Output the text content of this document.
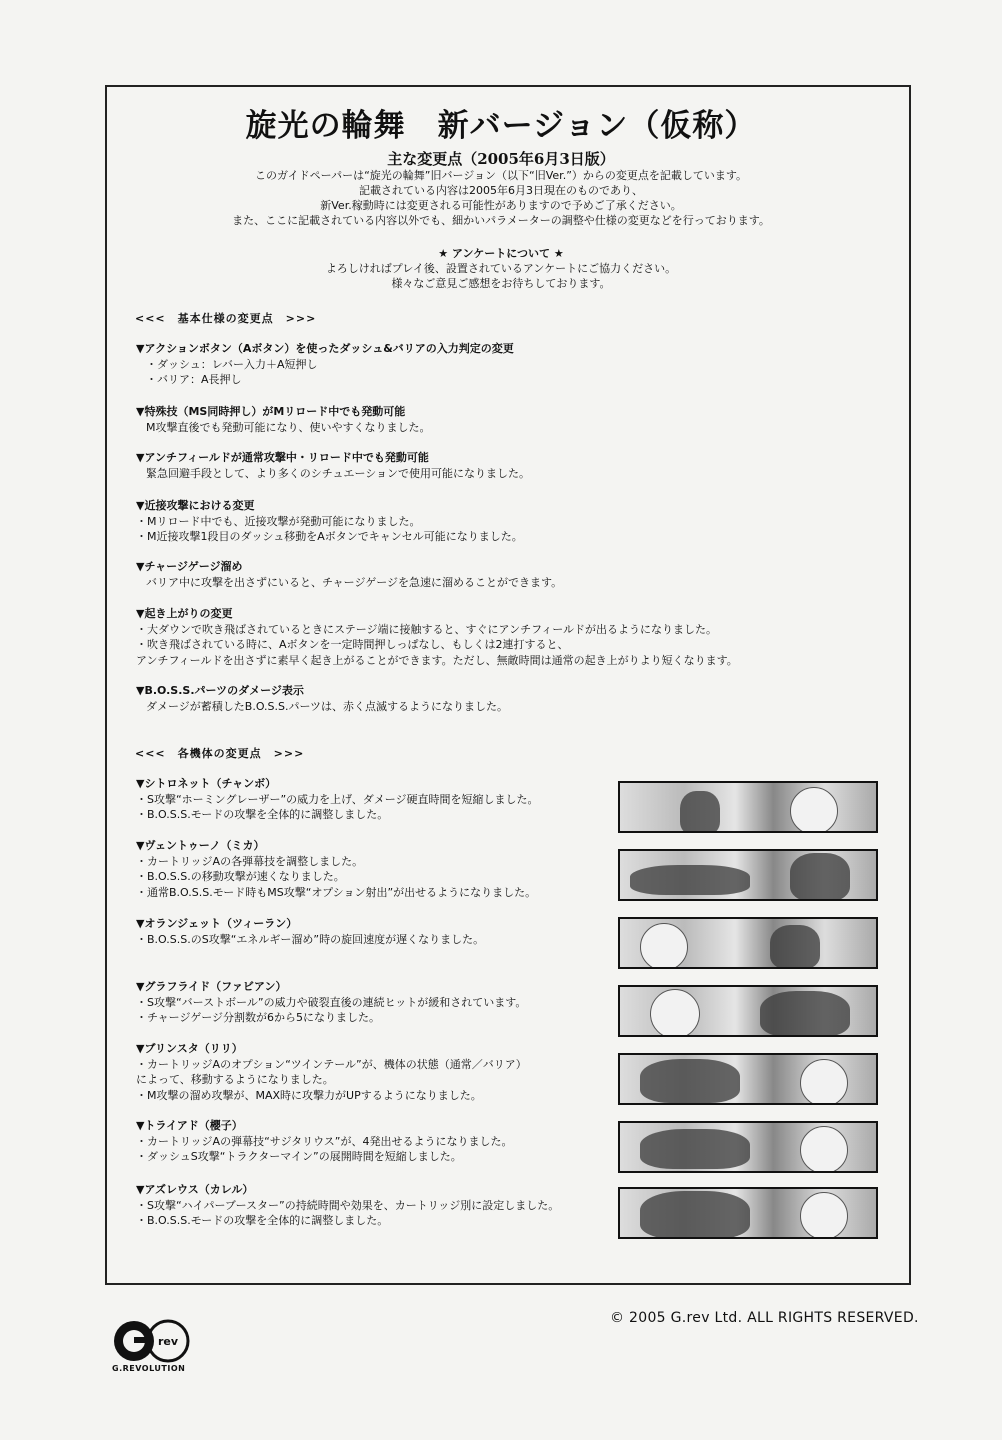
旋光の輪舞　新バージョン（仮称）
主な変更点（2005年6月3日版）
このガイドペーパーは“旋光の輪舞”旧バージョン（以下“旧Ver.”）からの変更点を記載しています。
記載されている内容は2005年6月3日現在のものであり、
新Ver.稼動時には変更される可能性がありますので予めご了承ください。
また、ここに記載されている内容以外でも、細かいパラメーターの調整や仕様の変更などを行っております。
★ アンケートについて ★
よろしければプレイ後、設置されているアンケートにご協力ください。
様々なご意見ご感想をお待ちしております。
<<<　基本仕様の変更点　>>>
▼アクションボタン（Aボタン）を使ったダッシュ&バリアの入力判定の変更
・ダッシュ：レバー入力＋A短押し
・バリア：A長押し
▼特殊技（MS同時押し）がMリロード中でも発動可能
M攻撃直後でも発動可能になり、使いやすくなりました。
▼アンチフィールドが通常攻撃中・リロード中でも発動可能
緊急回避手段として、より多くのシチュエーションで使用可能になりました。
▼近接攻撃における変更
・Mリロード中でも、近接攻撃が発動可能になりました。
・M近接攻撃1段目のダッシュ移動をAボタンでキャンセル可能になりました。
▼チャージゲージ溜め
バリア中に攻撃を出さずにいると、チャージゲージを急速に溜めることができます。
▼起き上がりの変更
・大ダウンで吹き飛ばされているときにステージ端に接触すると、すぐにアンチフィールドが出るようになりました。
・吹き飛ばされている時に、Aボタンを一定時間押しっぱなし、もしくは2連打すると、
アンチフィールドを出さずに素早く起き上がることができます。ただし、無敵時間は通常の起き上がりより短くなります。
▼B.O.S.S.パーツのダメージ表示
ダメージが蓄積したB.O.S.S.パーツは、赤く点滅するようになりました。
<<<　各機体の変更点　>>>
▼シトロネット（チャンボ）
・S攻撃“ホーミングレーザー”の威力を上げ、ダメージ硬直時間を短縮しました。
・B.O.S.S.モードの攻撃を全体的に調整しました。
▼ヴェントゥーノ（ミカ）
・カートリッジAの各弾幕技を調整しました。
・B.O.S.S.の移動攻撃が速くなりました。
・通常B.O.S.S.モード時もMS攻撃“オプション射出”が出せるようになりました。
▼オランジェット（ツィーラン）
・B.O.S.S.のS攻撃“エネルギー溜め”時の旋回速度が遅くなりました。
▼グラフライド（ファビアン）
・S攻撃“バーストボール”の威力や破裂直後の連続ヒットが緩和されています。
・チャージゲージ分割数が6から5になりました。
▼ブリンスタ（リリ）
・カートリッジAのオプション“ツインテール”が、機体の状態（通常／バリア）
によって、移動するようになりました。
・M攻撃の溜め攻撃が、MAX時に攻撃力がUPするようになりました。
▼トライアド（櫻子）
・カートリッジAの弾幕技“サジタリウス”が、4発出せるようになりました。
・ダッシュS攻撃“トラクターマイン”の展開時間を短縮しました。
▼アズレウス（カレル）
・S攻撃“ハイパーブースター”の持続時間や効果を、カートリッジ別に設定しました。
・B.O.S.S.モードの攻撃を全体的に調整しました。
rev
G.REVOLUTION
© 2005 G.rev Ltd. ALL RIGHTS RESERVED.
